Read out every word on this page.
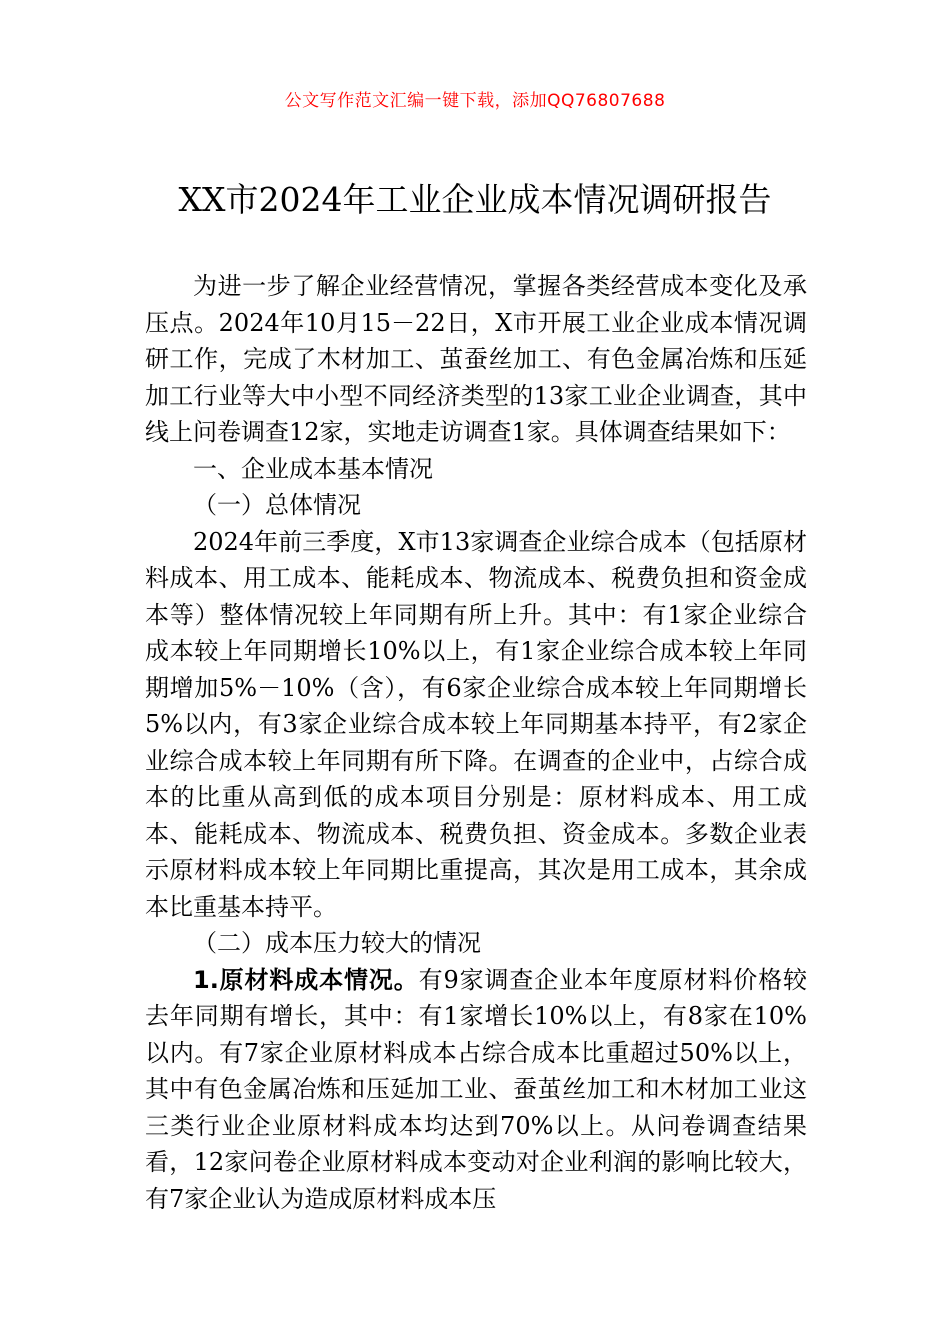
公文写作范文汇编一键下载，添加QQ76807688
XX市2024年工业企业成本情况调研报告

为进一步了解企业经营情况，掌握各类经营成本变化及承压点。2024年10月15－22日，X市开展工业企业成本情况调研工作，完成了木材加工、茧蚕丝加工、有色金属冶炼和压延加工行业等大中小型不同经济类型的13家工业企业调查，其中线上问卷调查12家，实地走访调查1家。具体调查结果如下：

一、企业成本基本情况

（一）总体情况

2024年前三季度，X市13家调查企业综合成本（包括原材料成本、用工成本、能耗成本、物流成本、税费负担和资金成本等）整体情况较上年同期有所上升。其中：有1家企业综合成本较上年同期增长10%以上，有1家企业综合成本较上年同期增加5%－10%（含），有6家企业综合成本较上年同期增长5%以内，有3家企业综合成本较上年同期基本持平，有2家企业综合成本较上年同期有所下降。在调查的企业中，占综合成本的比重从高到低的成本项目分别是：原材料成本、用工成本、能耗成本、物流成本、税费负担、资金成本。多数企业表示原材料成本较上年同期比重提高，其次是用工成本，其余成本比重基本持平。

（二）成本压力较大的情况

1.原材料成本情况。有9家调查企业本年度原材料价格较去年同期有增长，其中：有1家增长10%以上，有8家在10%以内。有7家企业原材料成本占综合成本比重超过50%以上，其中有色金属冶炼和压延加工业、蚕茧丝加工和木材加工业这三类行业企业原材料成本均达到70%以上。从问卷调查结果看，12家问卷企业原材料成本变动对企业利润的影响比较大，有7家企业认为造成原材料成本压
